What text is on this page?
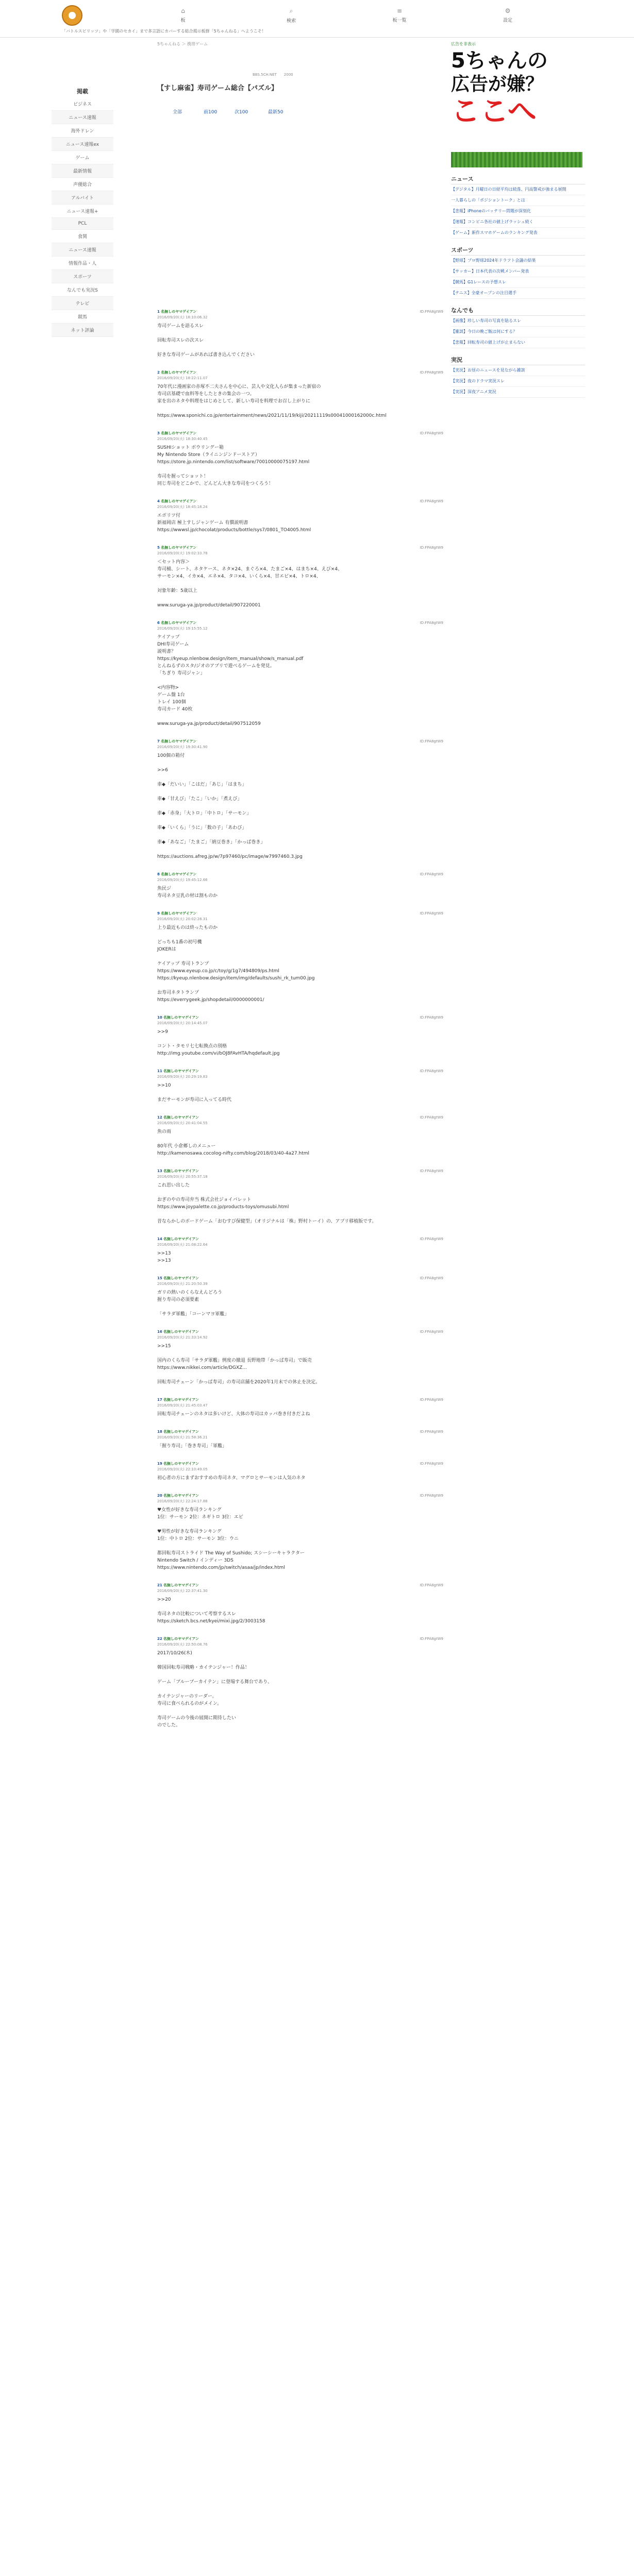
「バトルスピリッツ」や「学園のセカイ」まで多言語にカバーする総合掲示板群「5ちゃんねる」へようこそ！
⌂
板
⌕
検索
≡
板一覧
⚙
設定
掲載
ビジネス
ニュース速報
海外ドレン
ニュース速報ex
ゲーム
最新情報
声優総合
アルバイト
ニュース速報+
PCL
食関
ニュース速報
情報作品・人
スポーツ
なんでも実況S
テレビ
競馬
ネット評論
5ちゃんねる ＞ 携帯ゲーム
BBS.5CH.NET　　2000
【すし麻雀】寿司ゲーム総合【パズル】
全部	前100	次100	最新50
1 名無しのヤマゲイアン
2016/09/20(火) 18:10:06.32
ID:FPA8gtW9
寿司ゲームを語るスレ

回転寿司スレの次スレ

好きな寿司ゲームがあれば書き込んでください
2 名無しのヤマゲイアン
2016/09/20(火) 18:22:11.07
ID:FPA8gtW9
70年代に漫画家の赤塚不二夫さんを中心に、芸人や文化人らが集まった新宿の
寿司店基礎で血料等をしたときの集会の一つ。
家を出のネタや料理をはじめとして、新しい寿司を料理でお召し上がりに

https://www.sponichi.co.jp/entertainment/news/2021/11/19/kiji/20211119s00041000162000c.html
3 名無しのヤマゲイアン
2016/09/20(火) 18:30:40.45
ID:FPA8gtW9
SUSHIショット ボウリングー箱
My Nintendo Store（ライニンジンドーストア）
https://store.jp.nintendo.com/list/software/70010000075197.html

寿司を握ってショット！
同じ寿司をどこかで、どんどん大きな寿司をつくろう！
4 名無しのヤマゲイアン
2016/09/20(火) 18:45:18.24
ID:FPA8gtW9
エボリツ付
新福岡店 極上すしジャンゲーム 有償説明書
https://wwwsl.jp/chocolat/products/bottle/sys7/0801_TO4005.html
5 名無しのヤマゲイアン
2016/09/20(火) 19:02:33.78
ID:FPA8gtW9
＜セット内容＞
寿司桶、シート、ネタケース、ネタ×24、まぐろ×4、たまご×4、はまち×4、えび×4、
サーモン×4、イカ×4、エネ×4、タコ×4、いくら×4、甘エビ×4、トロ×4、

対象年齢：5歳以上

www.suruga-ya.jp/product/detail/907220001
6 名無しのヤマゲイアン
2016/09/20(火) 19:15:55.12
ID:FPA8gtW9
ケイアップ
DHI寿司ゲーム
説明書？
https://kyeup.nlenbow.design/item_manual/show/s_manual.pdf
とんねるずのスタ/ジオのアプリで遊べるゲームを発見。
「ちぎり 寿司ジャン」

<内容物>
ゲーム盤 1台
トレイ 100個
寿司カード 40枚

www.suruga-ya.jp/product/detail/907512059
7 名無しのヤマゲイアン
2016/09/20(火) 19:30:41.90
ID:FPA8gtW9
100個の箱付

>>6

車◆「だいい」「こはだ」「あじ」「はまち」

車◆「甘えび」「たこ」「いか」「煮えび」

車◆「赤身」「大トロ」「中トロ」「サーモン」

車◆「いくら」「うに」「数の子」「あわび」

車◆「あなご」「たまご」「納豆巻き」「かっぱ巻き」

https://auctions.afreg.jp/w/7p97460/pc/image/w7997460.3.jpg
8 名無しのヤマゲイアン
2016/09/20(火) 19:45:12.66
ID:FPA8gtW9
魚民ジ
寿司ネタ豆乳の材は割ものか
9 名無しのヤマゲイアン
2016/09/20(火) 20:02:28.31
ID:FPA8gtW9
上り最近ものは終ったものか

どっちも1番の初号機
JOKERは

ケイアップ 寿司トランプ
https://www.eyeup.co.jp/c/toy/g/1g7/494809/ps.html
https://kyeup.nlenbow.design/item/img/defaults/sushi_rk_tum00.jpg

お寿司ネタトランプ
https://everrygeek.jp/shopdetail/0000000001/
10 名無しのヤマゲイアン
2016/09/20(火) 20:14:45.07
ID:FPA8gtW9
>>9

コント・タモリ七七転換点の別格
http://img.youtube.com/vi/bOJ8FAvHTA/hqdefault.jpg
11 名無しのヤマゲイアン
2016/09/20(火) 20:29:19.83
ID:FPA8gtW9
>>10

まだサーモンが寿司に入ってる時代
12 名無しのヤマゲイアン
2016/09/20(火) 20:41:04.55
ID:FPA8gtW9
魚の雨

80年代 小倉郷しのメニュー
http://kamenosawa.cocolog-nifty.com/blog/2018/03/40-4a27.html
13 名無しのヤマゲイアン
2016/09/20(火) 20:55:37.18
ID:FPA8gtW9
これ思い出した

おぎのやの寿司弁当 株式会社ジョイパレット
https://www.joypalette.co.jp/products-toys/omusubi.html

昔ならかしのボードゲーム「おむすび保健型」（オリジナルは「株」野村トーイ）の、アプリ移植版です。
14 名無しのヤマゲイアン
2016/09/20(火) 21:08:22.64
ID:FPA8gtW9
>>13
>>13
15 名無しのヤマゲイアン
2016/09/20(火) 21:20:50.39
ID:FPA8gtW9
ガリの熱いのくらなえんどろう
握り寿司の必須要素

「サラダ軍艦」「コーンマヨ軍艦」
16 名無しのヤマゲイアン
2016/09/20(火) 21:33:14.92
ID:FPA8gtW9
>>15

国内のくら寿司「サラダ軍艦」例度の撤退 長野地帯「かっぱ寿司」で販売
https://www.nikkei.com/article/DGXZ...

回転寿司チェーン「かっぱ寿司」の寿司店舗を2020年1月末での休止を決定。
17 名無しのヤマゲイアン
2016/09/20(火) 21:45:03.47
ID:FPA8gtW9
回転寿司チェーンのネタは多いけど、大体の寿司はカッパ巻き付きだよね
18 名無しのヤマゲイアン
2016/09/20(火) 21:58:36.21
ID:FPA8gtW9
「握り寿司」「巻き寿司」「軍艦」
19 名無しのヤマゲイアン
2016/09/20(火) 22:10:49.05
ID:FPA8gtW9
初心者の方にまずおすすめの寿司ネタ、マグロとサーモンは人気のネタ
20 名無しのヤマゲイアン
2016/09/20(火) 22:24:17.88
ID:FPA8gtW9
♥女性が好きな寿司ランキング
1位：サーモン 2位：ネギトロ 3位：エビ

♥男性が好きな寿司ランキング
1位：中トロ 2位：サーモン 3位：ウニ

都回転寿司ストライド The Way of Sushido; スシーシーキャラクター
Nintendo Switch / インディー 3DS
https://www.nintendo.com/jp/switch/asaa/jp/index.html
21 名無しのヤマゲイアン
2016/09/20(火) 22:37:41.30
ID:FPA8gtW9
>>20

寿司ネタの比較について考察するスレ
https://sketch.bcs.net/kyei/mixi.jpg/2/3003158
22 名無しのヤマゲイアン
2016/09/20(火) 22:50:08.76
ID:FPA8gtW9
2017/10/26(木)

韓国回転寿司戦略・カイテンジャー！作品！

ゲーム「ブループーカイテン」に登場する舞台であり、

カイテンジャーのリーダー。
寿司に食べられるのがメイン。

寿司ゲームの今後の展開に期待したい
のでした。
広告を非表示
5ちゃんの
広告が嫌？
ここへ
ニュース
【デジタル】月曜日の日経平均は続落、円高警戒が強まる展開
一人暮らしの「ポジショントーク」とは
【悲報】iPhoneのバッテリー問題が深刻化
【速報】コンビニ各社の値上げラッシュ続く
【ゲーム】新作スマホゲームのランキング発表
スポーツ
【野球】プロ野球2024年ドラフト会議の結果
【サッカー】日本代表の次戦メンバー発表
【競馬】G1レースの予想スレ
【テニス】全豪オープンの注目選手
なんでも
【画像】珍しい寿司の写真を貼るスレ
【雑談】今日の晩ご飯は何にする？
【悲報】回転寿司の値上げが止まらない
実況
【実況】お昼のニュースを見ながら雑談
【実況】夜のドラマ実況スレ
【実況】深夜アニメ実況
